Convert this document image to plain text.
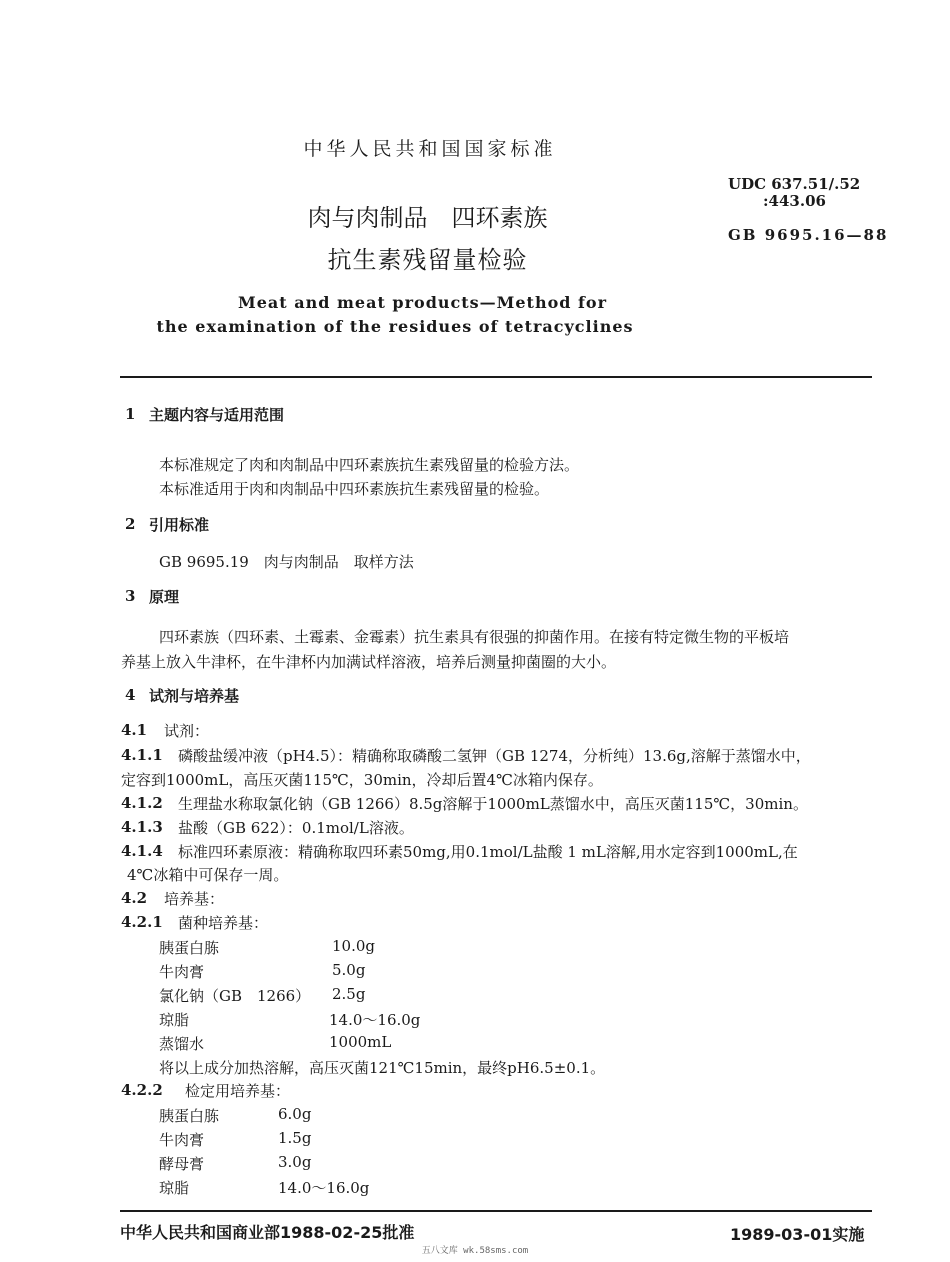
中华人民共和国国家标准
肉与肉制品　四环素族
抗生素残留量检验
UDC 637.51/.52
:443.06
GB 9695.16—88
Meat and meat products—Method for
the examination of the residues of tetracyclines
1 主题内容与适用范围
本标准规定了肉和肉制品中四环素族抗生素残留量的检验方法。
本标准适用于肉和肉制品中四环素族抗生素残留量的检验。
2 引用标准
GB 9695.19　肉与肉制品　取样方法
3 原理
四环素族（四环素、土霉素、金霉素）抗生素具有很强的抑菌作用。在接有特定微生物的平板培
养基上放入牛津杯，在牛津杯内加满试样溶液，培养后测量抑菌圈的大小。
4 试剂与培养基
4.1 试剂：
4.1.1 磷酸盐缓冲液（pH4.5）：精确称取磷酸二氢钾（GB 1274，分析纯）13.6g,溶解于蒸馏水中，
定容到1000mL，高压灭菌115℃，30min，冷却后置4℃冰箱内保存。
4.1.2 生理盐水称取氯化钠（GB 1266）8.5g溶解于1000mL蒸馏水中，高压灭菌115℃，30min。
4.1.3 盐酸（GB 622）：0.1mol/L溶液。
4.1.4 标准四环素原液：精确称取四环素50mg,用0.1mol/L盐酸 1 mL溶解,用水定容到1000mL,在
4℃冰箱中可保存一周。
4.2 培养基：
4.2.1 菌种培养基：
胰蛋白胨	10.0g
牛肉膏	5.0g
氯化钠（GB　1266） 2.5g
琼脂	14.0～16.0g
蒸馏水	1000mL
将以上成分加热溶解，高压灭菌121℃15min，最终pH6.5±0.1。
4.2.2 检定用培养基：
胰蛋白胨	6.0g
牛肉膏	1.5g
酵母膏	3.0g
琼脂	14.0～16.0g
中华人民共和国商业部1988-02-25批准	1989-03-01实施
五八文库 wk.58sms.com
